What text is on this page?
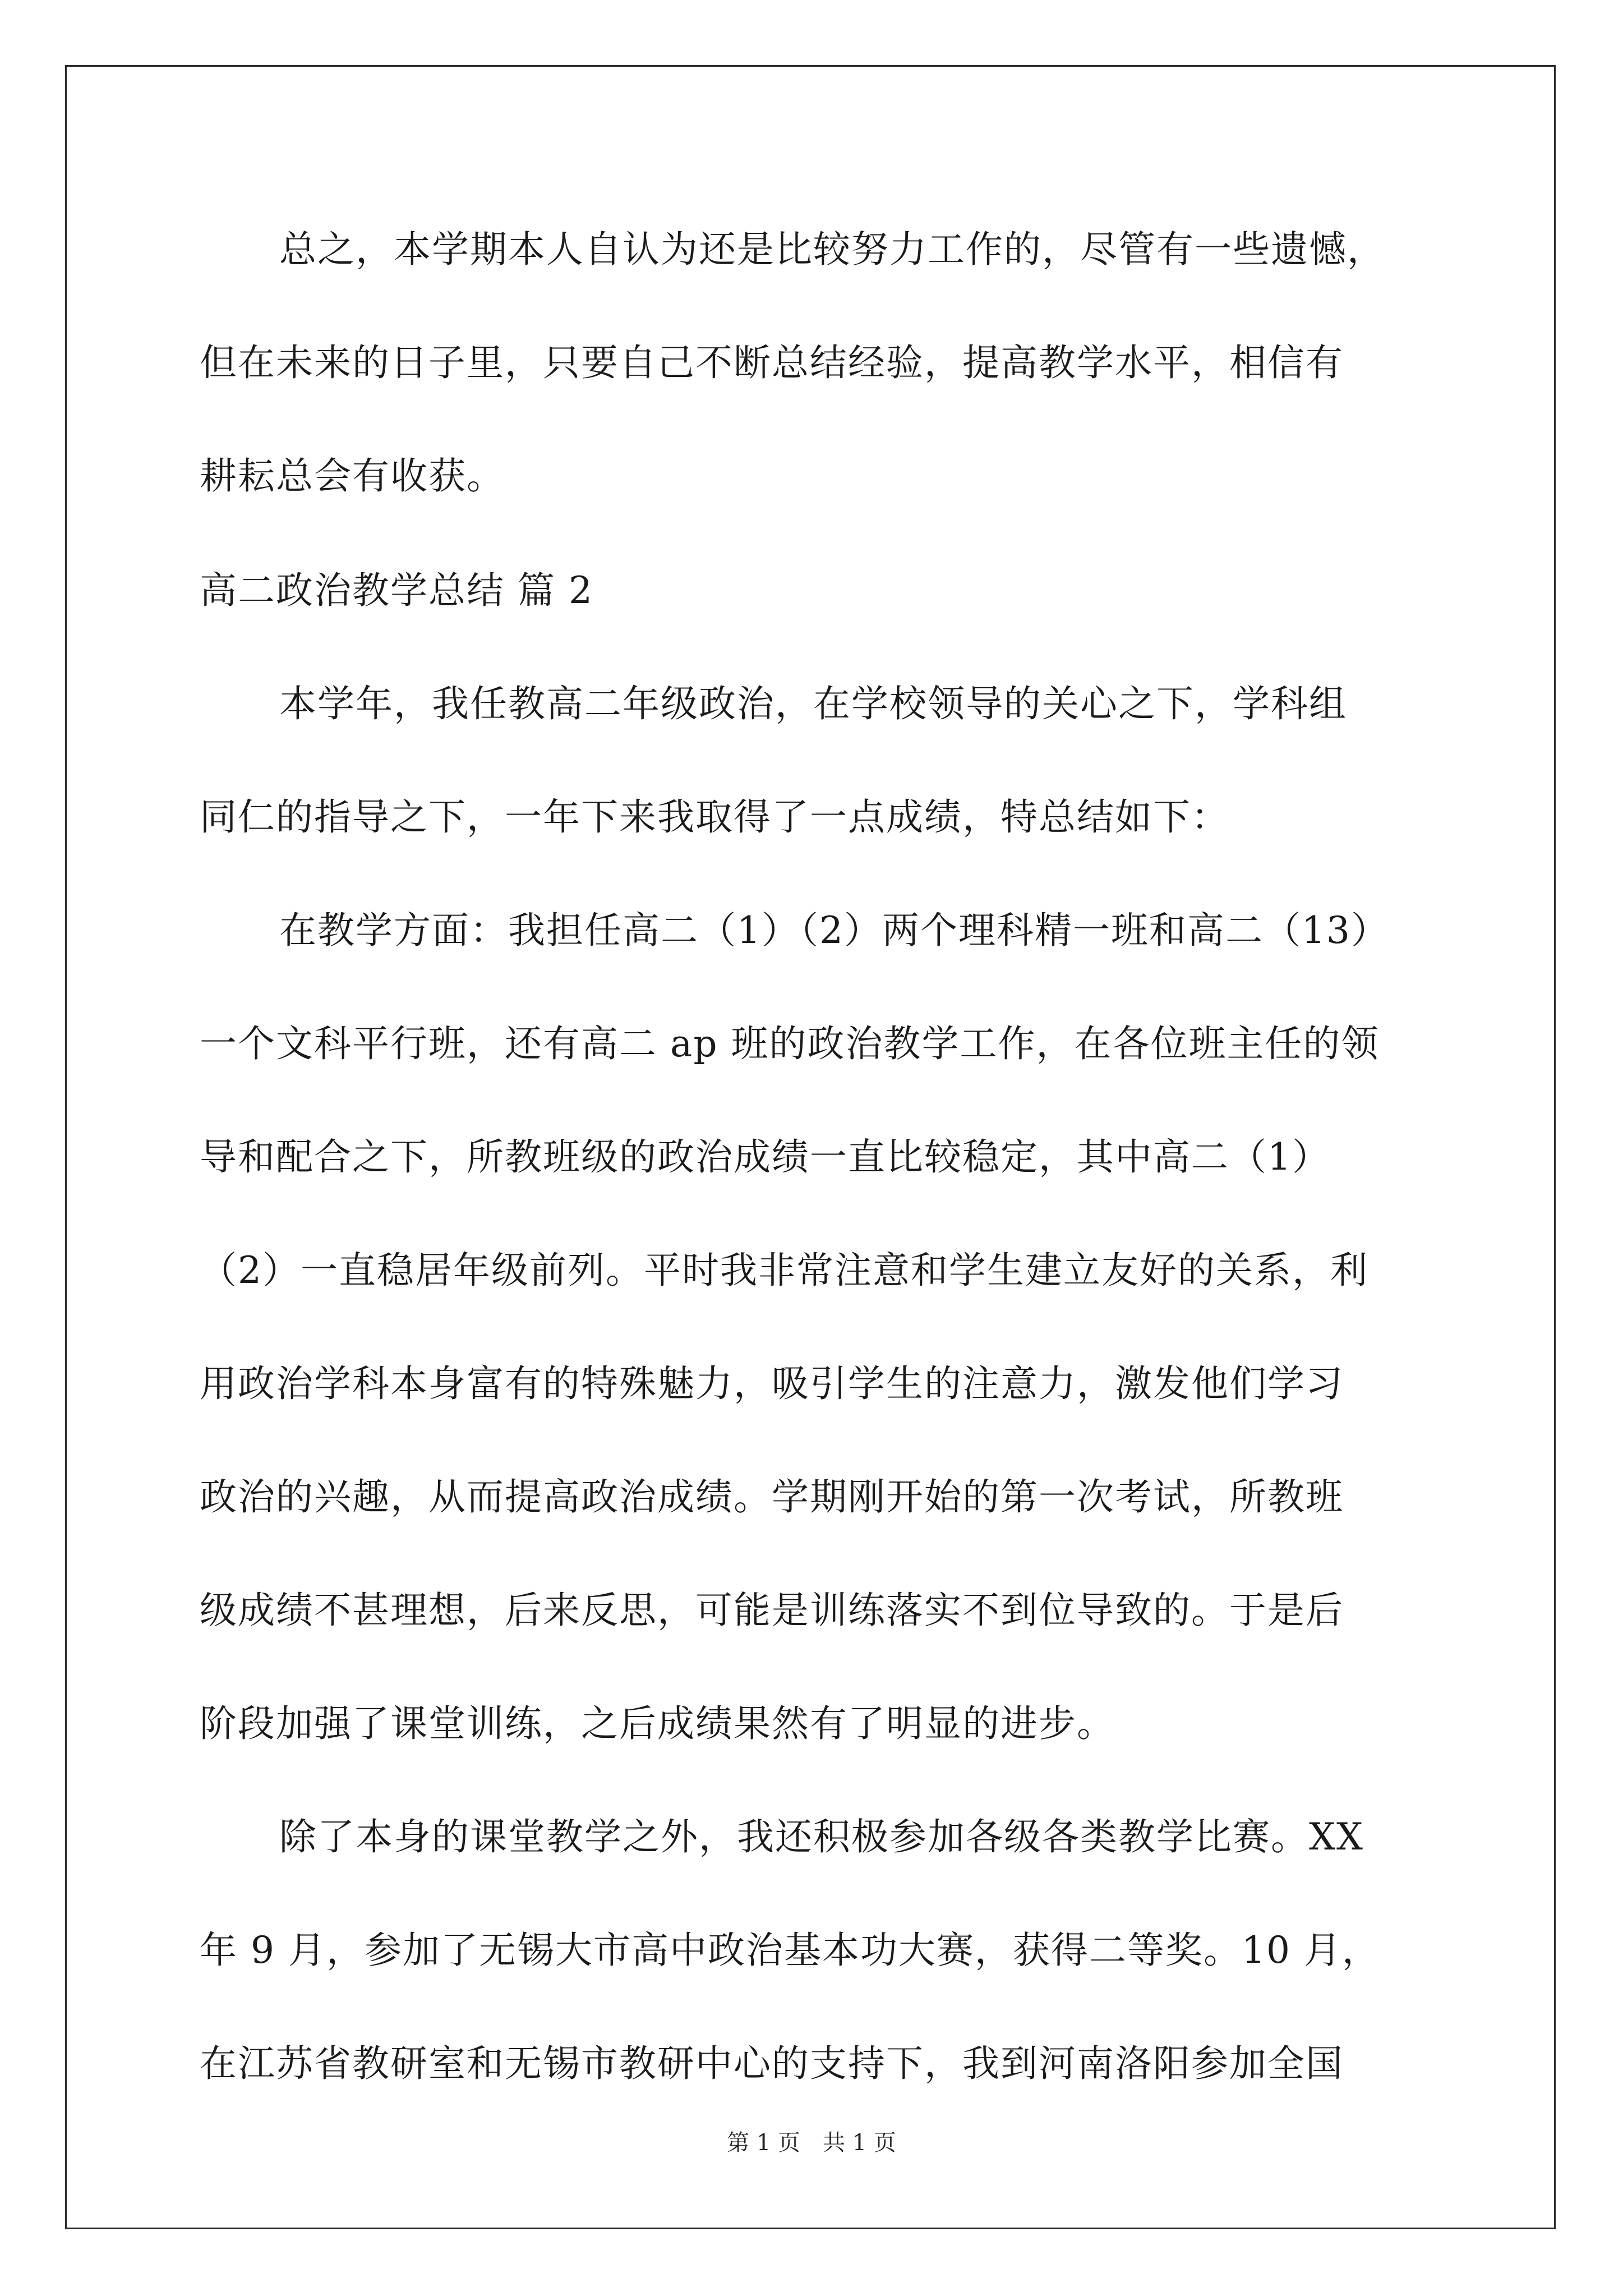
总之，本学期本人自认为还是比较努力工作的，尽管有一些遗憾，
但在未来的日子里，只要自己不断总结经验，提高教学水平，相信有
耕耘总会有收获。
高二政治教学总结 篇 2
本学年，我任教高二年级政治，在学校领导的关心之下，学科组
同仁的指导之下，一年下来我取得了一点成绩，特总结如下：
在教学方面：我担任高二（1）（2）两个理科精一班和高二（13）
一个文科平行班，还有高二 ap 班的政治教学工作，在各位班主任的领
导和配合之下，所教班级的政治成绩一直比较稳定，其中高二（1）
（2）一直稳居年级前列。平时我非常注意和学生建立友好的关系，利
用政治学科本身富有的特殊魅力，吸引学生的注意力，激发他们学习
政治的兴趣，从而提高政治成绩。学期刚开始的第一次考试，所教班
级成绩不甚理想，后来反思，可能是训练落实不到位导致的。于是后
阶段加强了课堂训练，之后成绩果然有了明显的进步。
除了本身的课堂教学之外，我还积极参加各级各类教学比赛。XX
年 9 月，参加了无锡大市高中政治基本功大赛，获得二等奖。10 月，
在江苏省教研室和无锡市教研中心的支持下，我到河南洛阳参加全国
第 1 页　共 1 页
